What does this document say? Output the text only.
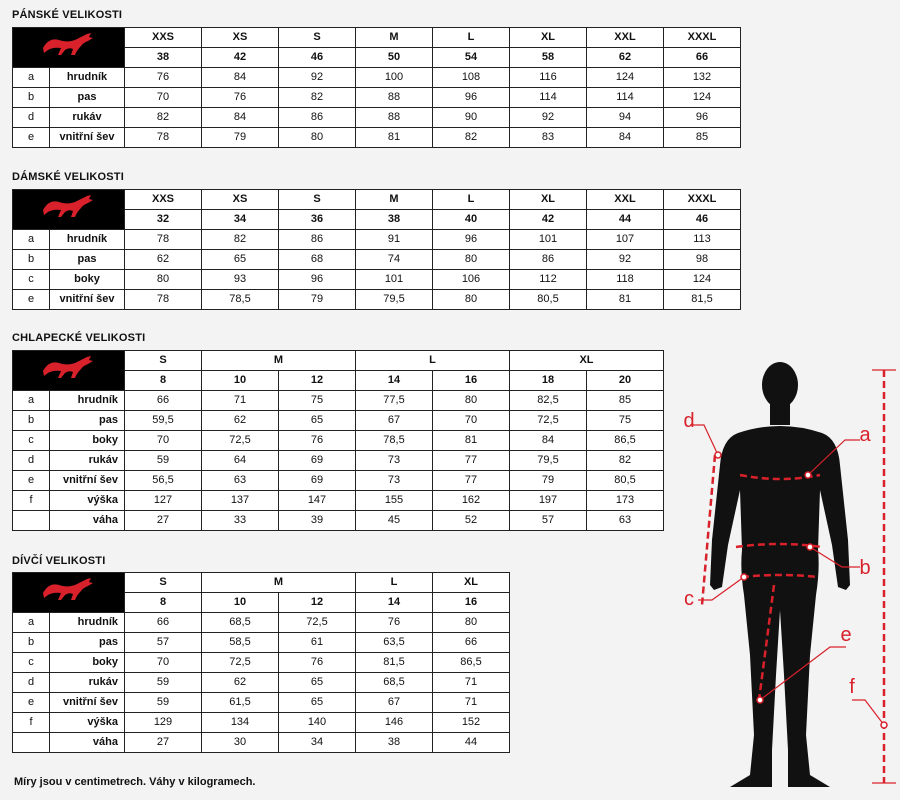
PÁNSKÉ VELIKOSTI
	XXS	XS	S	M	L	XL	XXL	XXXL
		38	42	46	50	54	58	62	66
a	hrudník	76	84	92	100	108	116	124	132
b	pas	70	76	82	88	96	114	114	124
d	rukáv	82	84	86	88	90	92	94	96
e	vnitřní šev	78	79	80	81	82	83	84	85
DÁMSKÉ VELIKOSTI
	XXS	XS	S	M	L	XL	XXL	XXXL
		32	34	36	38	40	42	44	46
a	hrudník	78	82	86	91	96	101	107	113
b	pas	62	65	68	74	80	86	92	98
c	boky	80	93	96	101	106	112	118	124
e	vnitřní šev	78	78,5	79	79,5	80	80,5	81	81,5
CHLAPECKÉ VELIKOSTI
	S	M		L		XL	
		8	10	12	14	16	18	20
a	hrudník	66	71	75	77,5	80	82,5	85
b	pas	59,5	62	65	67	70	72,5	75
c	boky	70	72,5	76	78,5	81	84	86,5
d	rukáv	59	64	69	73	77	79,5	82
e	vnitřní šev	56,5	63	69	73	77	79	80,5
f	výška	127	137	147	155	162	197	173
	váha	27	33	39	45	52	57	63
DÍVČÍ VELIKOSTI
	S	M		L	XL
		8	10	12	14	16
a	hrudník	66	68,5	72,5	76	80
b	pas	57	58,5	61	63,5	66
c	boky	70	72,5	76	81,5	86,5
d	rukáv	59	62	65	68,5	71
e	vnitřní šev	59	61,5	65	67	71
f	výška	129	134	140	146	152
	váha	27	30	34	38	44
Míry jsou v centimetrech. Váhy v kilogramech.
a
b
c
d
e
f
